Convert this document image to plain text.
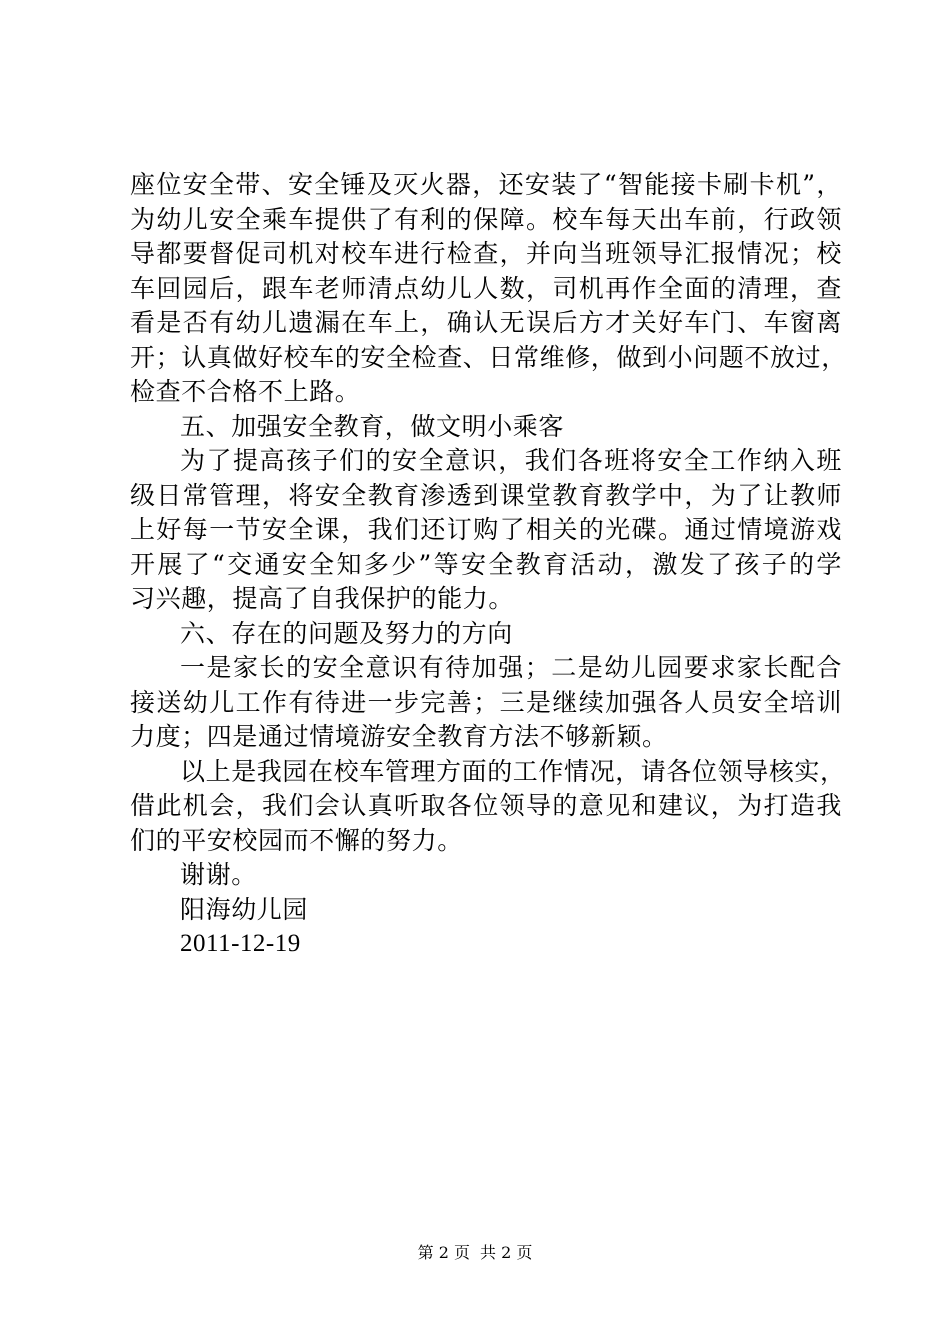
座位安全带、安全锤及灭火器，还安装了“智能接卡刷卡机”，
为幼儿安全乘车提供了有利的保障。校车每天出车前，行政领
导都要督促司机对校车进行检查，并向当班领导汇报情况；校
车回园后，跟车老师清点幼儿人数，司机再作全面的清理，查
看是否有幼儿遗漏在车上，确认无误后方才关好车门、车窗离
开；认真做好校车的安全检查、日常维修，做到小问题不放过，
检查不合格不上路。
五、加强安全教育，做文明小乘客
为了提高孩子们的安全意识，我们各班将安全工作纳入班
级日常管理，将安全教育渗透到课堂教育教学中，为了让教师
上好每一节安全课，我们还订购了相关的光碟。通过情境游戏
开展了“交通安全知多少”等安全教育活动，激发了孩子的学
习兴趣，提高了自我保护的能力。
六、存在的问题及努力的方向
一是家长的安全意识有待加强；二是幼儿园要求家长配合
接送幼儿工作有待进一步完善；三是继续加强各人员安全培训
力度；四是通过情境游安全教育方法不够新颖。
以上是我园在校车管理方面的工作情况，请各位领导核实，
借此机会，我们会认真听取各位领导的意见和建议，为打造我
们的平安校园而不懈的努力。
谢谢。
阳海幼儿园
2011-12-19
第 2 页 共 2 页
